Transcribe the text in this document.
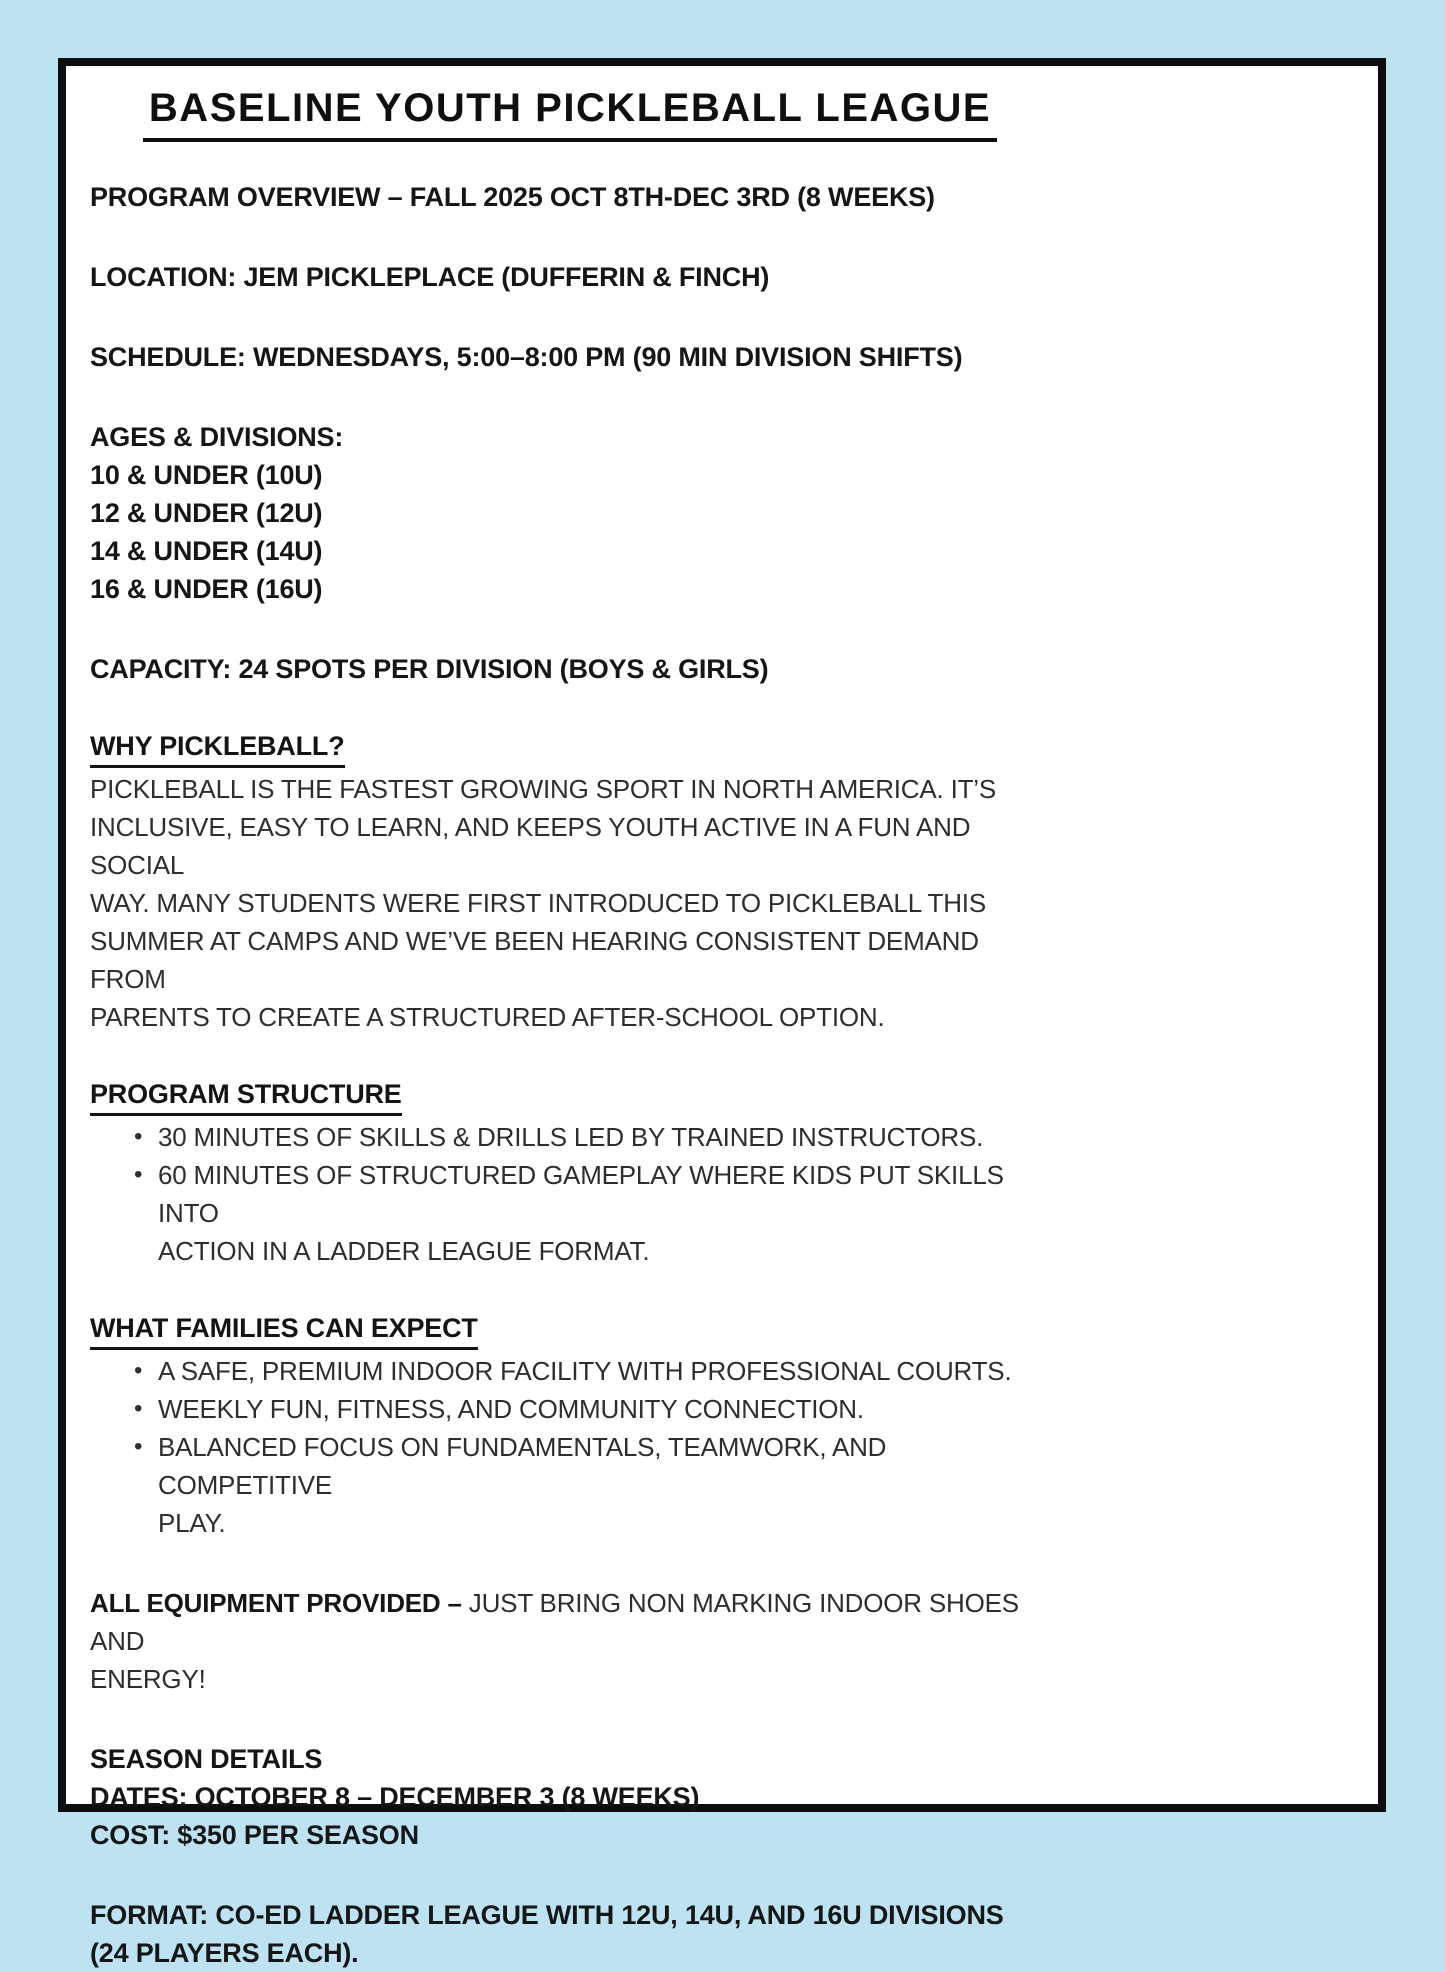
BASELINE YOUTH PICKLEBALL LEAGUE

PROGRAM OVERVIEW – FALL 2025 OCT 8TH-DEC 3RD (8 WEEKS)

LOCATION: JEM PICKLEPLACE (DUFFERIN & FINCH)

SCHEDULE: WEDNESDAYS, 5:00–8:00 PM (90 MIN DIVISION SHIFTS)

AGES & DIVISIONS:

10 & UNDER (10U)

12 & UNDER (12U)

14 & UNDER (14U)

16 & UNDER (16U)

CAPACITY: 24 SPOTS PER DIVISION (BOYS & GIRLS)

WHY PICKLEBALL?

PICKLEBALL IS THE FASTEST GROWING SPORT IN NORTH AMERICA. IT’S

INCLUSIVE, EASY TO LEARN, AND KEEPS YOUTH ACTIVE IN A FUN AND SOCIAL

WAY. MANY STUDENTS WERE FIRST INTRODUCED TO PICKLEBALL THIS

SUMMER AT CAMPS AND WE’VE BEEN HEARING CONSISTENT DEMAND FROM

PARENTS TO CREATE A STRUCTURED AFTER-SCHOOL OPTION.

PROGRAM STRUCTURE

• 30 MINUTES OF SKILLS & DRILLS LED BY TRAINED INSTRUCTORS.

• 60 MINUTES OF STRUCTURED GAMEPLAY WHERE KIDS PUT SKILLS INTO

ACTION IN A LADDER LEAGUE FORMAT.

WHAT FAMILIES CAN EXPECT

• A SAFE, PREMIUM INDOOR FACILITY WITH PROFESSIONAL COURTS.

• WEEKLY FUN, FITNESS, AND COMMUNITY CONNECTION.

• BALANCED FOCUS ON FUNDAMENTALS, TEAMWORK, AND COMPETITIVE

PLAY.

ALL EQUIPMENT PROVIDED – JUST BRING NON MARKING INDOOR SHOES AND

ENERGY!

SEASON DETAILS

DATES: OCTOBER 8 – DECEMBER 3 (8 WEEKS)

COST: $350 PER SEASON

FORMAT: CO-ED LADDER LEAGUE WITH 12U, 14U, AND 16U DIVISIONS

(24 PLAYERS EACH).
